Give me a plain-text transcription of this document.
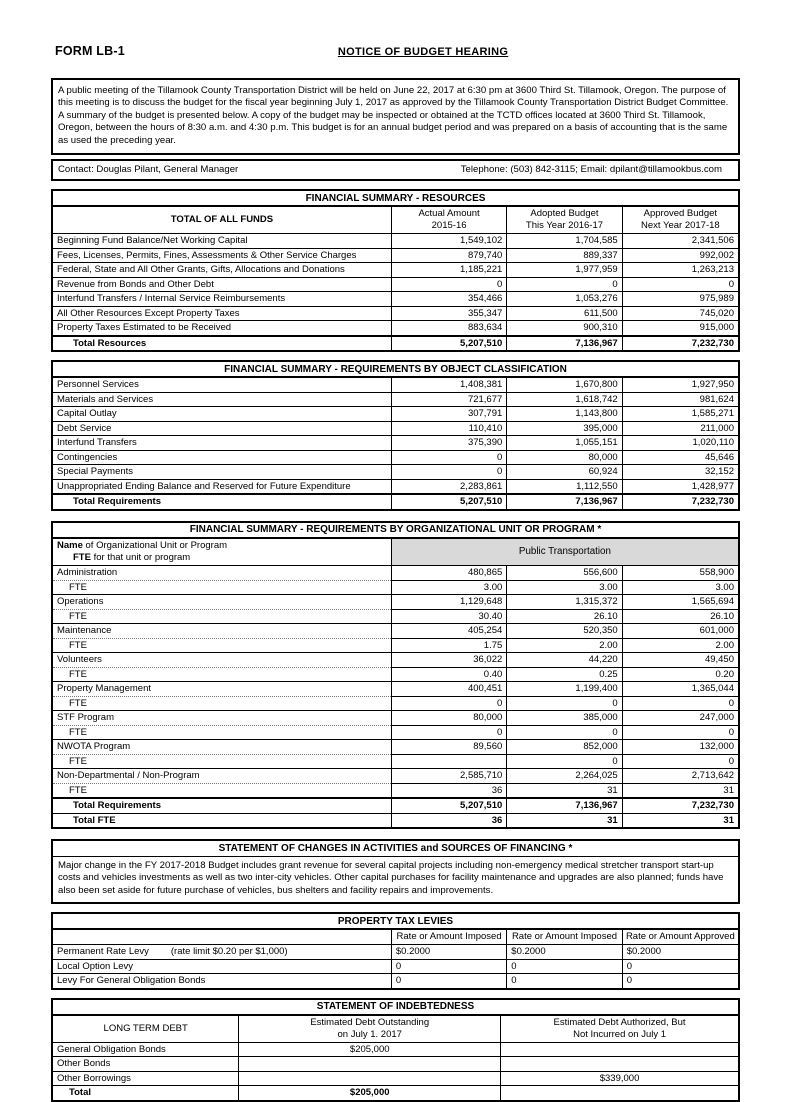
FORM LB-1	NOTICE OF BUDGET HEARING
A public meeting of the Tillamook County Transportation District will be held on June 22, 2017 at 6:30 pm at 3600 Third St. Tillamook, Oregon. The purpose of this meeting is to discuss the budget for the fiscal year beginning July 1, 2017 as approved by the Tillamook County Transportation District Budget Committee. A summary of the budget is presented below. A copy of the budget may be inspected or obtained at the TCTD offices located at 3600 Third St. Tillamook, Oregon, between the hours of 8:30 a.m. and 4:30 p.m. This budget is for an annual budget period and was prepared on a basis of accounting that is the same as used the preceding year.
Contact: Douglas Pilant, General Manager	Telephone: (503) 842-3115; Email: dpilant@tillamookbus.com
FINANCIAL SUMMARY - RESOURCES			
TOTAL OF ALL FUNDS	
Actual Amount
2015-16

Adopted Budget
This Year 2016-17

Approved Budget
Next Year 2017-18

Beginning Fund Balance/Net Working Capital	1,549,102	1,704,585	2,341,506
Fees, Licenses, Permits, Fines, Assessments & Other Service Charges	879,740	889,337	992,002
Federal, State and All Other Grants, Gifts, Allocations and Donations	1,185,221	1,977,959	1,263,213
Revenue from Bonds and Other Debt	0	0	0
Interfund Transfers / Internal Service Reimbursements	354,466	1,053,276	975,989
All Other Resources Except Property Taxes	355,347	611,500	745,020
Property Taxes Estimated to be Received	883,634	900,310	915,000
Total Resources	5,207,510	7,136,967	7,232,730
FINANCIAL SUMMARY - REQUIREMENTS BY OBJECT CLASSIFICATION			
Personnel Services	1,408,381	1,670,800	1,927,950
Materials and Services	721,677	1,618,742	981,624
Capital Outlay	307,791	1,143,800	1,585,271
Debt Service	110,410	395,000	211,000
Interfund Transfers	375,390	1,055,151	1,020,110
Contingencies	0	80,000	45,646
Special Payments	0	60,924	32,152
Unappropriated Ending Balance and Reserved for Future Expenditure	2,283,861	1,112,550	1,428,977
Total Requirements	5,207,510	7,136,967	7,232,730
FINANCIAL SUMMARY - REQUIREMENTS BY ORGANIZATIONAL UNIT OR PROGRAM *			

Name of Organizational Unit or Program
FTE for that unit or program	Public Transportation		
Administration	480,865	556,600	558,900
FTE	3.00	3.00	3.00
Operations	1,129,648	1,315,372	1,565,694
FTE	30.40	26.10	26.10
Maintenance	405,254	520,350	601,000
FTE	1.75	2.00	2.00
Volunteers	36,022	44,220	49,450
FTE	0.40	0.25	0.20
Property Management	400,451	1,199,400	1,365,044
FTE	0	0	0
STF Program	80,000	385,000	247,000
FTE	0	0	0
NWOTA Program	89,560	852,000	132,000
FTE		0	0
Non-Departmental / Non-Program	2,585,710	2,264,025	2,713,642
FTE	36	31	31
Total Requirements	5,207,510	7,136,967	7,232,730
Total FTE	36	31	31
STATEMENT OF CHANGES IN ACTIVITIES and SOURCES OF FINANCING *
Major change in the FY 2017-2018 Budget includes grant revenue for several capital projects including non-emergency medical stretcher transport start-up costs and vehicles investments as well as two inter-city vehicles. Other capital purchases for facility maintenance and upgrades are also planned; funds have also been set aside for future purchase of vehicles, bus shelters and facility repairs and improvements.
PROPERTY TAX LEVIES			
	Rate or Amount Imposed	Rate or Amount Imposed	Rate or Amount Approved
Permanent Rate Levy (rate limit $0.20 per $1,000)	$0.2000	$0.2000	$0.2000
Local Option Levy	0	0	0
Levy For General Obligation Bonds	0	0	0
STATEMENT OF INDEBTEDNESS		
LONG TERM DEBT	
Estimated Debt Outstanding
on July 1. 2017

Estimated Debt Authorized, But
Not Incurred on July 1

General Obligation Bonds	$205,000	
Other Bonds		
Other Borrowings		$339,000
Total	$205,000	
